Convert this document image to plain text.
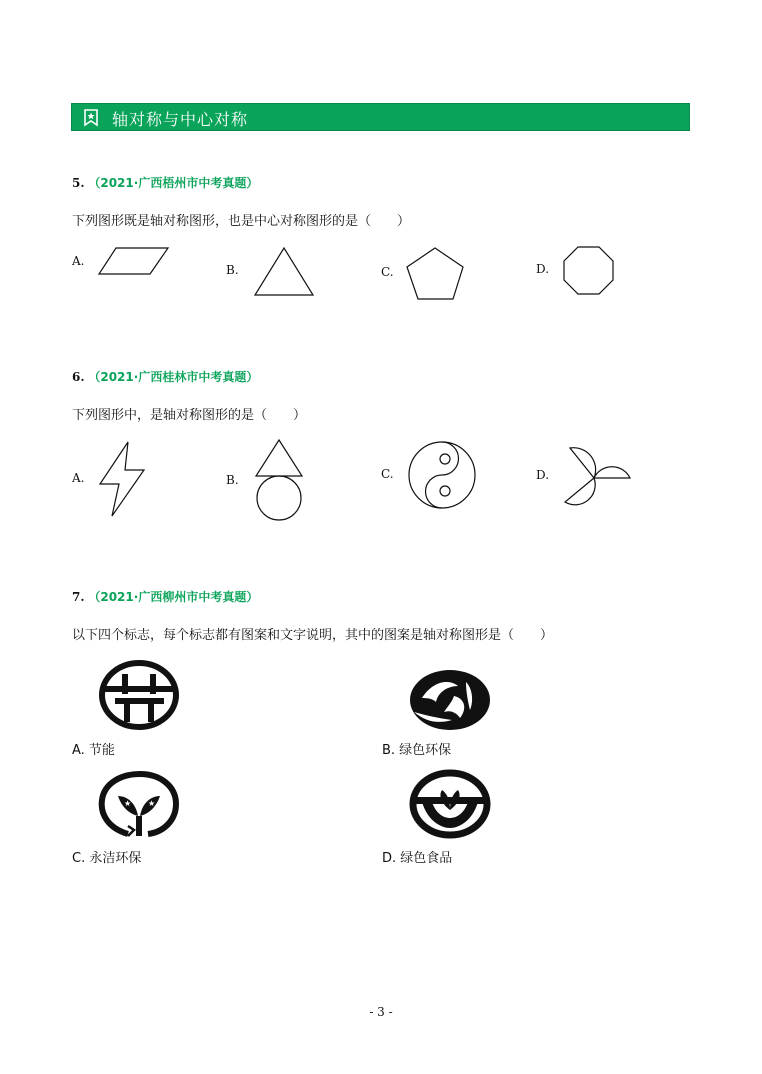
轴对称与中心对称
5. （2021·广西梧州市中考真题）
下列图形既是轴对称图形，也是中心对称图形的是（　　）
A.
B.	C.	D.
6. （2021·广西桂林市中考真题）
下列图形中，是轴对称图形的是（　　）
A.	B.	C.	D.
7. （2021·广西柳州市中考真题）
以下四个标志，每个标志都有图案和文字说明，其中的图案是轴对称图形是（　　）
A. 节能	B. 绿色环保
★ ★
C. 永洁环保	D. 绿色食品
- 3 -
